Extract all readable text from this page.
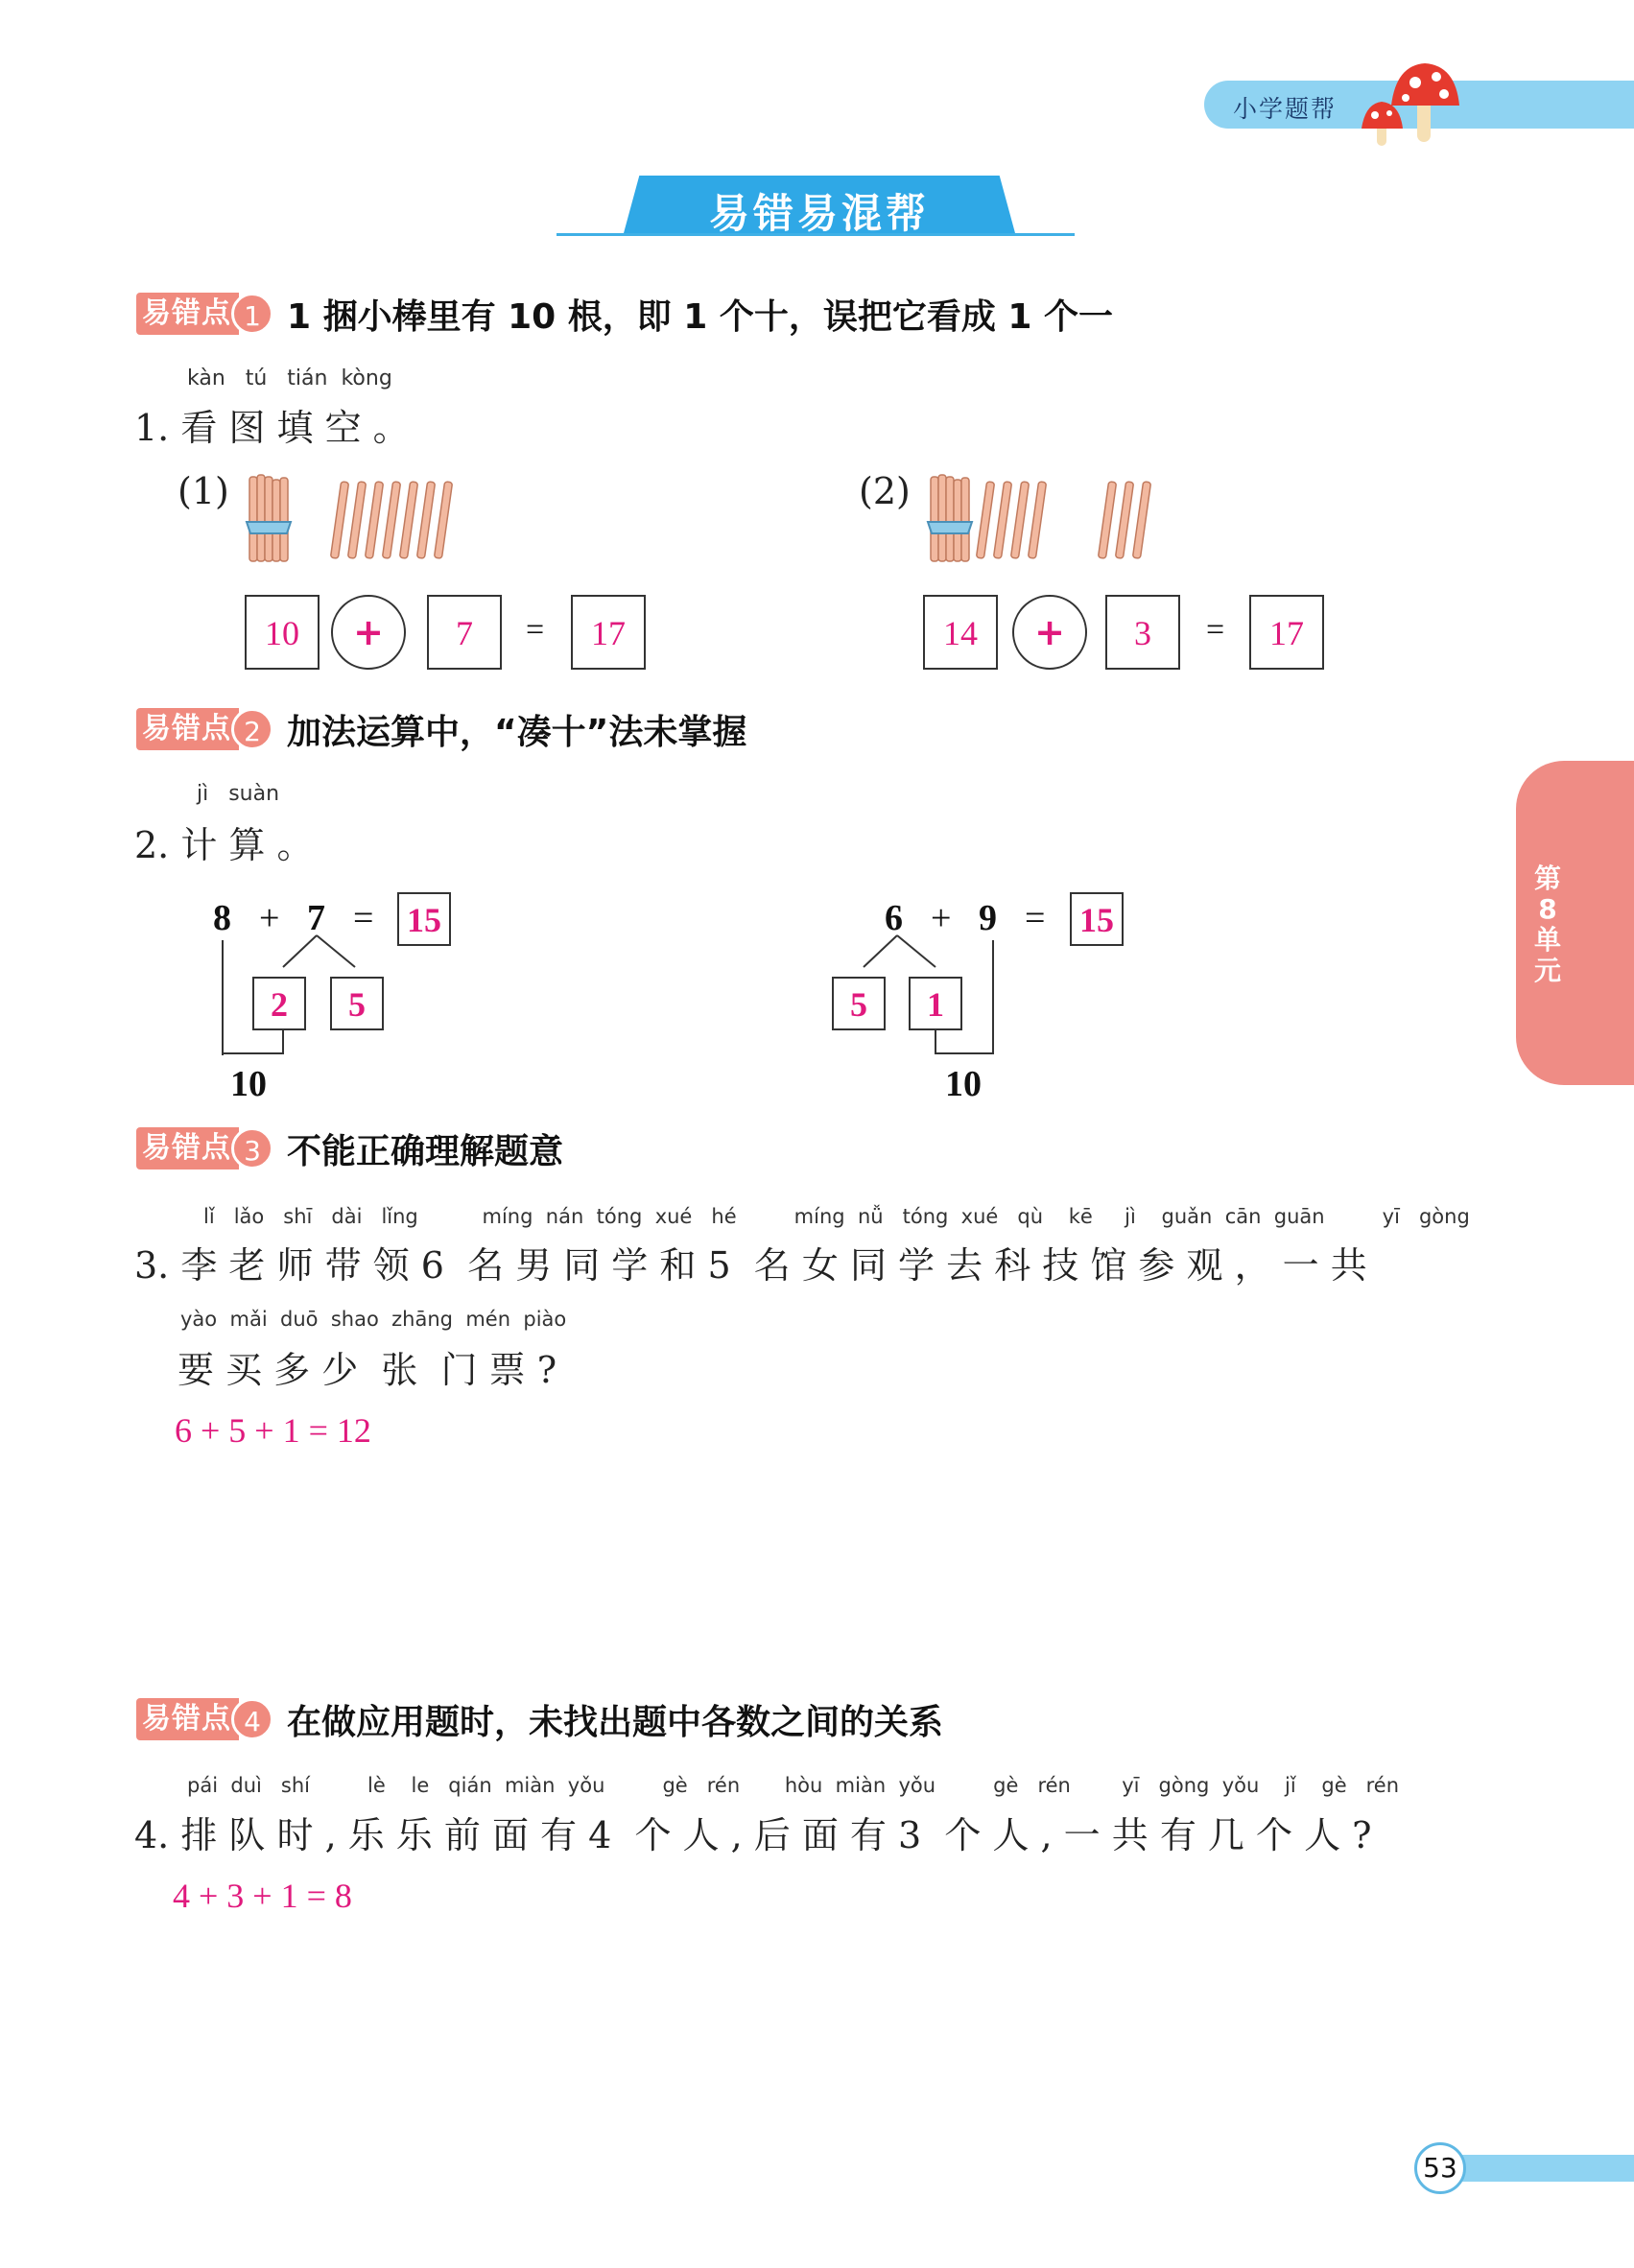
小学题帮
易错易混帮
易错点 1 1 捆小棒里有 10 根，即 1 个十，误把它看成 1 个一
kàn   tú   tián  kòng
1. 看 图 填 空 。
(1)
10	+	7	=	17
(2)
14	+	3	=	17
易错点 2 加法运算中，“凑十”法未掌握
jì   suàn
2. 计 算 。
8 + 7 = 15
2	5
10
6 + 9 = 15
5	1
10
易错点 3 不能正确理解题意
lǐ   lǎo   shī   dài   lǐng          míng  nán  tóng  xué   hé         míng  nǚ   tóng  xué   qù    kē     jì    guǎn  cān  guān         yī   gòng
3. 李 老 师 带 领 6  名 男 同 学 和 5  名 女 同 学 去 科 技 馆 参 观 ， 一 共
yào  mǎi  duō  shao  zhāng  mén  piào
要 买 多 少  张  门 票 ?
6 + 5 + 1 = 12
易错点 4 在做应用题时，未找出题中各数之间的关系
pái  duì   shí         lè    le   qián  miàn  yǒu         gè   rén       hòu  miàn  yǒu         gè   rén        yī   gòng  yǒu    jǐ    gè   rén
4. 排 队 时 , 乐 乐 前 面 有 4  个 人 , 后 面 有 3  个 人 , 一 共 有 几 个 人 ?
4 + 3 + 1 = 8
第8单元
53
